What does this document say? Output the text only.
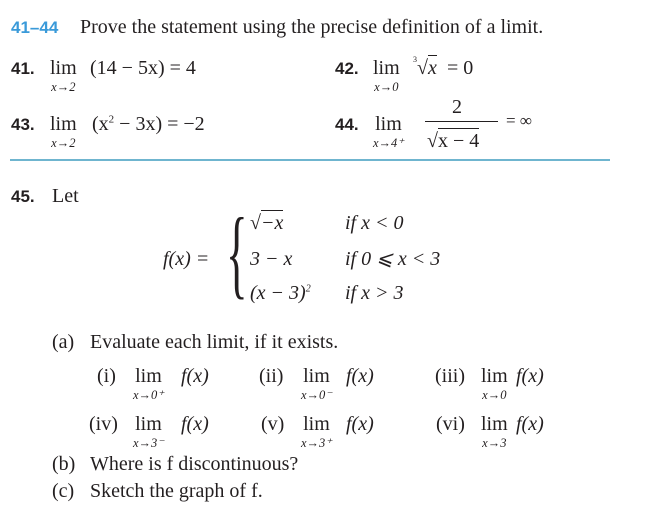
41–44 Prove the statement using the precise definition of a limit.
41. lim
x→2
(14 − 5x) = 4	42. lim
x→0
$^3$√x = 0
43. lim
x→2
$(x^2 - 3x) = -2$	44. lim
x→4⁺
2
√x − 4
= ∞
45. Let
f(x) = { √−x	if x < 0
3 − x	if 0 ⩽ x < 3
$(x - 3)^2$ if x > 3
(a) Evaluate each limit, if it exists.
(i) lim
x→0⁺
f(x)	(ii) lim
x→0⁻
f(x)	(iii) lim
x→0
f(x)
(iv) lim
x→3⁻
f(x)	(v) lim
x→3⁺
f(x)	(vi) lim
x→3
f(x)
(b) Where is f discontinuous?
(c) Sketch the graph of f.
